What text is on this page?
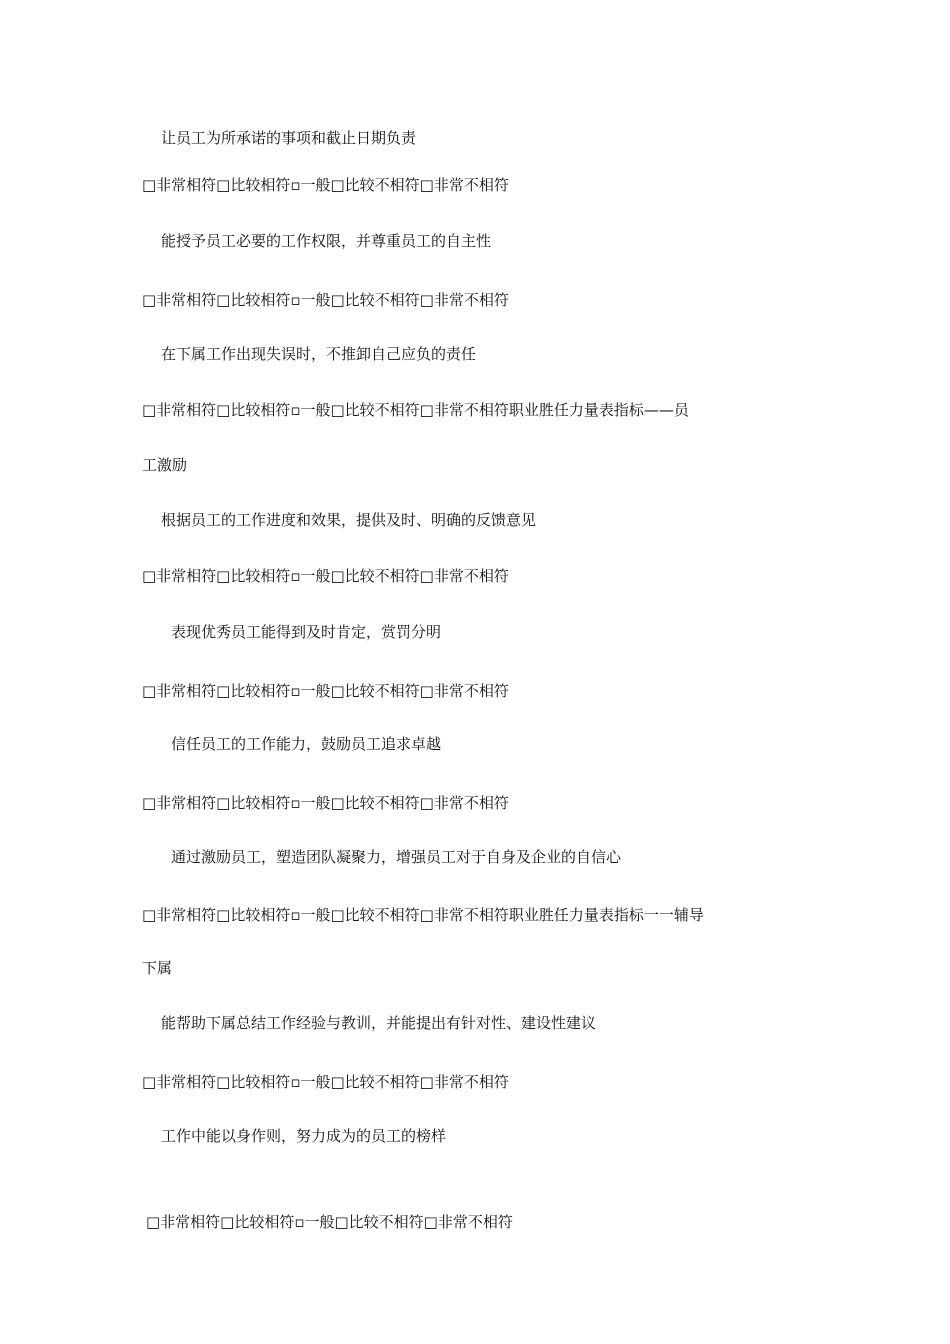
让员工为所承诺的事项和截止日期负责

□非常相符□比较相符▫一般□比较不相符□非常不相符

能授予员工必要的工作权限，并尊重员工的自主性

□非常相符□比较相符▫一般□比较不相符□非常不相符

在下属工作出现失误时，不推卸自己应负的责任

□非常相符□比较相符▫一般□比较不相符□非常不相符职业胜任力量表指标——员

工激励

根据员工的工作进度和效果，提供及时、明确的反馈意见

□非常相符□比较相符▫一般□比较不相符□非常不相符

表现优秀员工能得到及时肯定，赏罚分明

□非常相符□比较相符▫一般□比较不相符□非常不相符

信任员工的工作能力，鼓励员工追求卓越

□非常相符□比较相符▫一般□比较不相符□非常不相符

通过激励员工，塑造团队凝聚力，增强员工对于自身及企业的自信心

□非常相符□比较相符▫一般□比较不相符□非常不相符职业胜任力量表指标一一辅导

下属

能帮助下属总结工作经验与教训，并能提出有针对性、建设性建议

□非常相符□比较相符▫一般□比较不相符□非常不相符

工作中能以身作则，努力成为的员工的榜样

□非常相符□比较相符▫一般□比较不相符□非常不相符
